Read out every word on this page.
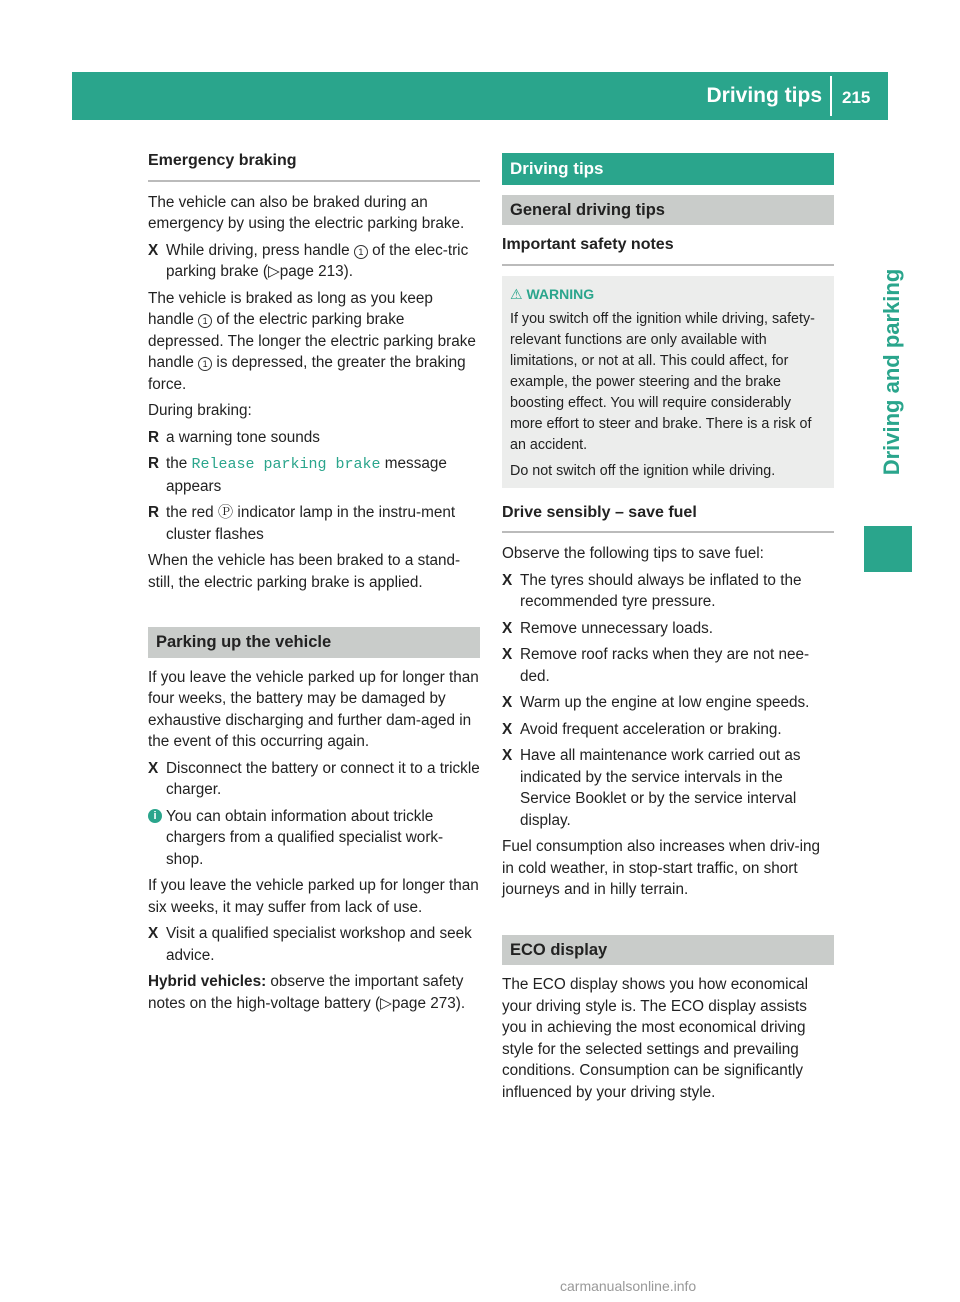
Driving tips 215
Driving and parking
Emergency braking

The vehicle can also be braked during an emergency by using the electric parking brake.

X While driving, press handle 1 of the elec-tric parking brake (▷page 213).

The vehicle is braked as long as you keep handle 1 of the electric parking brake depressed. The longer the electric parking brake handle 1 is depressed, the greater the braking force.

During braking:

R a warning tone sounds
R the Release parking brake message appears
R the red Ⓟ indicator lamp in the instru-ment cluster flashes

When the vehicle has been braked to a stand-still, the electric parking brake is applied.

Parking up the vehicle

If you leave the vehicle parked up for longer than four weeks, the battery may be damaged by exhaustive discharging and further dam-aged in the event of this occurring again.

X Disconnect the battery or connect it to a trickle charger.
i You can obtain information about trickle chargers from a qualified specialist work-shop.

If you leave the vehicle parked up for longer than six weeks, it may suffer from lack of use.

X Visit a qualified specialist workshop and seek advice.

Hybrid vehicles: observe the important safety notes on the high-voltage battery (▷page 273).

Driving tips
General driving tips
Important safety notes
⚠ WARNING

If you switch off the ignition while driving, safety-relevant functions are only available with limitations, or not at all. This could affect, for example, the power steering and the brake boosting effect. You will require considerably more effort to steer and brake. There is a risk of an accident.

Do not switch off the ignition while driving.

Drive sensibly – save fuel

Observe the following tips to save fuel:

X The tyres should always be inflated to the recommended tyre pressure.
X Remove unnecessary loads.
X Remove roof racks when they are not nee-ded.
X Warm up the engine at low engine speeds.
X Avoid frequent acceleration or braking.
X Have all maintenance work carried out as indicated by the service intervals in the Service Booklet or by the service interval display.

Fuel consumption also increases when driv-ing in cold weather, in stop-start traffic, on short journeys and in hilly terrain.

ECO display

The ECO display shows you how economical your driving style is. The ECO display assists you in achieving the most economical driving style for the selected settings and prevailing conditions. Consumption can be significantly influenced by your driving style.

carmanualsonline.info
